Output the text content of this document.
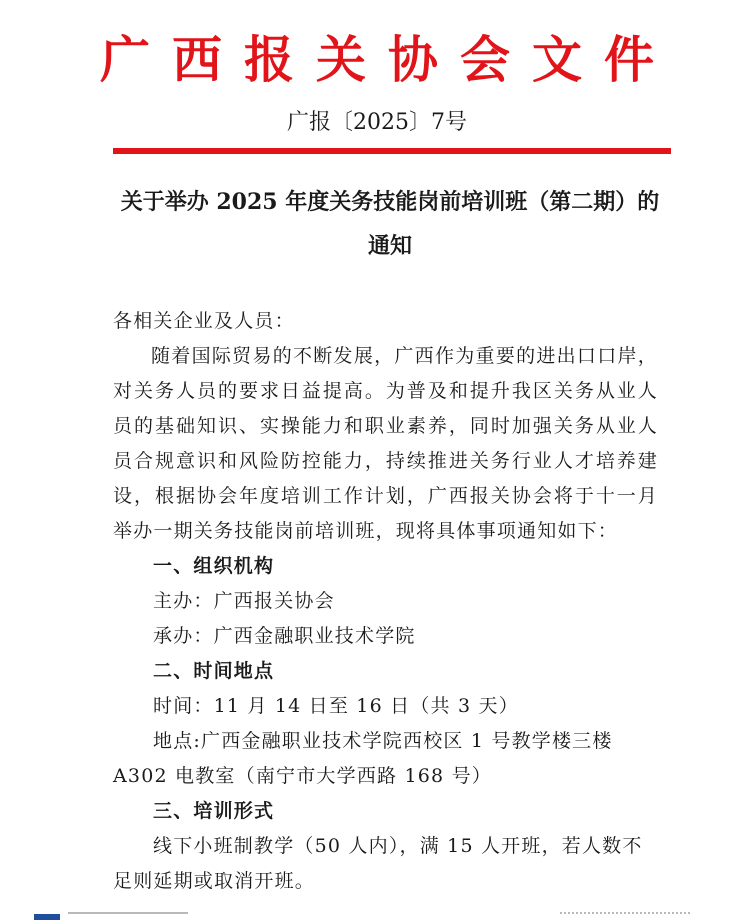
广西报关协会文件
广报〔2025〕7号
关于举办 2025 年度关务技能岗前培训班（第二期）的
通知

各相关企业及人员：

随着国际贸易的不断发展，广西作为重要的进出口口岸，对关务人员的要求日益提高。为普及和提升我区关务从业人员的基础知识、实操能力和职业素养，同时加强关务从业人员合规意识和风险防控能力，持续推进关务行业人才培养建设，根据协会年度培训工作计划，广西报关协会将于十一月举办一期关务技能岗前培训班，现将具体事项通知如下：

一、组织机构

主办：广西报关协会

承办：广西金融职业技术学院

二、时间地点

时间：11 月 14 日至 16 日（共 3 天）

地点:广西金融职业技术学院西校区 1 号教学楼三楼 A302 电教室（南宁市大学西路 168 号）

三、培训形式

线下小班制教学（50 人内），满 15 人开班，若人数不足则延期或取消开班。
